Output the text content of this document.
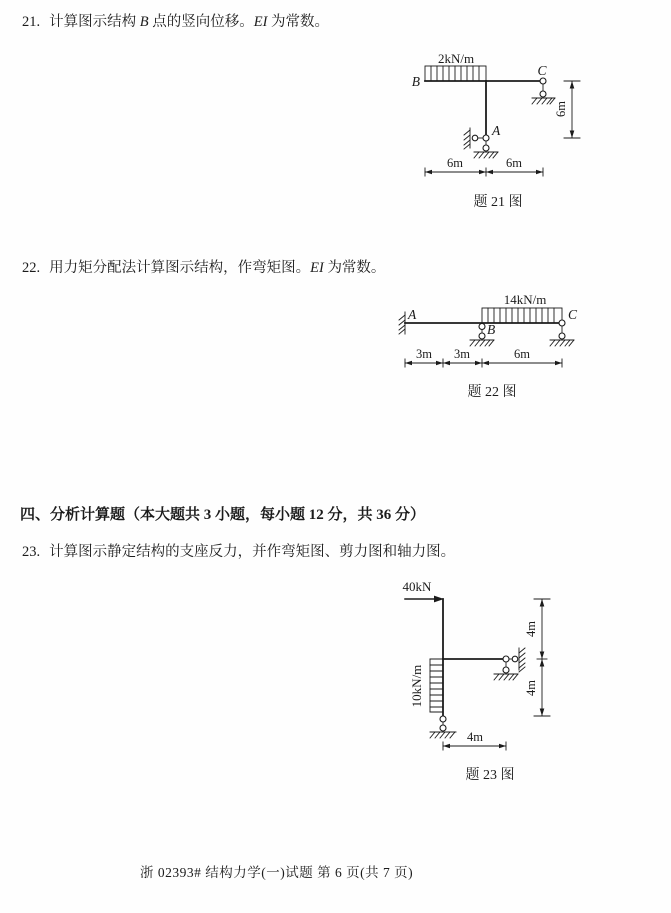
21. 计算图示结构 B 点的竖向位移。EI 为常数。

2kN/m
B
C
A
6m
6m	6m
题 21 图

22. 用力矩分配法计算图示结构，作弯矩图。EI 为常数。

14kN/m
A
B
C
3m 3m	6m
题 22 图

四、分析计算题（本大题共 3 小题，每小题 12 分，共 36 分）

23. 计算图示静定结构的支座反力，并作弯矩图、剪力图和轴力图。

40kN
10kN/m
4m
4m
4m
题 23 图
浙 02393# 结构力学(一)试题 第 6 页(共 7 页)
